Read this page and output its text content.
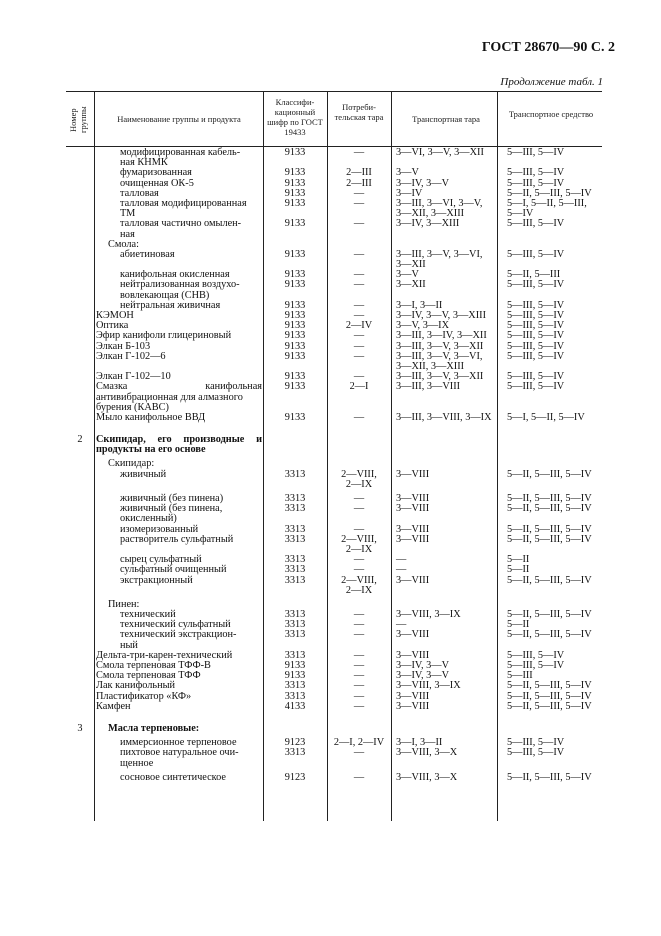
ГОСТ 28670—90 С. 2
Продолжение табл. 1
Номер группы	Наименование группы и продукта
Классифи-кационный шифр по ГОСТ 19433
Потреби-тельская тара	Транспортная тара	Транспортное средство
модифицированная кабель-	9133	—	3—VI, 3—V, 3—XII	5—III, 5—IV
ная КНМК
фумаризованная	9133	2—III	3—V	5—III, 5—IV
очищенная ОК-5	9133	2—III	3—IV, 3—V	5—III, 5—IV
талловая	9133	—	3—IV	5—II, 5—III, 5—IV
талловая модифицированная	9133	—	3—III, 3—VI, 3—V,	5—I, 5—II, 5—III,
ТМ	3—XII, 3—XIII	5—IV
талловая частично омылен-	9133	—	3—IV, 3—XIII	5—III, 5—IV
ная
Смола:
абиетиновая	9133	—	3—III, 3—V, 3—VI,	5—III, 5—IV
3—XII
канифольная окисленная	9133	—	3—V	5—II, 5—III
нейтрализованная воздухо-	9133	—	3—XII	5—III, 5—IV
вовлекающая (СНВ)
нейтральная живичная	9133	—	3—I, 3—II	5—III, 5—IV
КЭМОН	9133	—	3—IV, 3—V, 3—XIII	5—III, 5—IV
Оптика	9133	2—IV	3—V, 3—IX	5—III, 5—IV
Эфир канифоли глицериновый	9133	—	3—III, 3—IV, 3—XII	5—III, 5—IV
Элкан Б-103	9133	—	3—III, 3—V, 3—XII	5—III, 5—IV
Элкан Г-102—6	9133	—	3—III, 3—V, 3—VI,	5—III, 5—IV
3—XII, 3—XIII
Элкан Г-102—10	9133	—	3—III, 3—V, 3—XII	5—III, 5—IV
Смазка канифольная	9133	2—I	3—III, 3—VIII	5—III, 5—IV
антивибрационная для алмазного
бурения (КАВС)
Мыло канифольное ВВД	9133	—	3—III, 3—VIII, 3—IX	5—I, 5—II, 5—IV
2	Скипидар, его производные и
продукты на его основе
Скипидар:
живичный	3313	2—VIII,	3—VIII	5—II, 5—III, 5—IV
2—IX
живичный (без пинена)	3313	—	3—VIII	5—II, 5—III, 5—IV
живичный (без пинена,	3313	—	3—VIII	5—II, 5—III, 5—IV
окисленный)
изомеризованный	3313	—	3—VIII	5—II, 5—III, 5—IV
растворитель сульфатный	3313	2—VIII,	3—VIII	5—II, 5—III, 5—IV
2—IX
сырец сульфатный	3313	—	—	5—II
сульфатный очищенный	3313	—	—	5—II
экстракционный	3313	2—VIII,	3—VIII	5—II, 5—III, 5—IV
2—IX
Пинен:
технический	3313	—	3—VIII, 3—IX	5—II, 5—III, 5—IV
технический сульфатный	3313	—	—	5—II
технический экстракцион-	3313	—	3—VIII	5—II, 5—III, 5—IV
ный
Дельта-три-карен-технический	3313	—	3—VIII	5—III, 5—IV
Смола терпеновая ТФФ-В	9133	—	3—IV, 3—V	5—III, 5—IV
Смола терпеновая ТФФ	9133	—	3—IV, 3—V	5—III
Лак канифольный	3313	—	3—VIII, 3—IX	5—II, 5—III, 5—IV
Пластификатор «КФ»	3313	—	3—VIII	5—II, 5—III, 5—IV
Камфен	4133	—	3—VIII	5—II, 5—III, 5—IV
3	Масла терпеновые:
иммерсионное терпеновое	9123	2—I, 2—IV	3—I, 3—II	5—III, 5—IV
пихтовое натуральное очи-	3313	—	3—VIII, 3—X	5—III, 5—IV
щенное
сосновое синтетическое	9123	—	3—VIII, 3—X	5—II, 5—III, 5—IV
